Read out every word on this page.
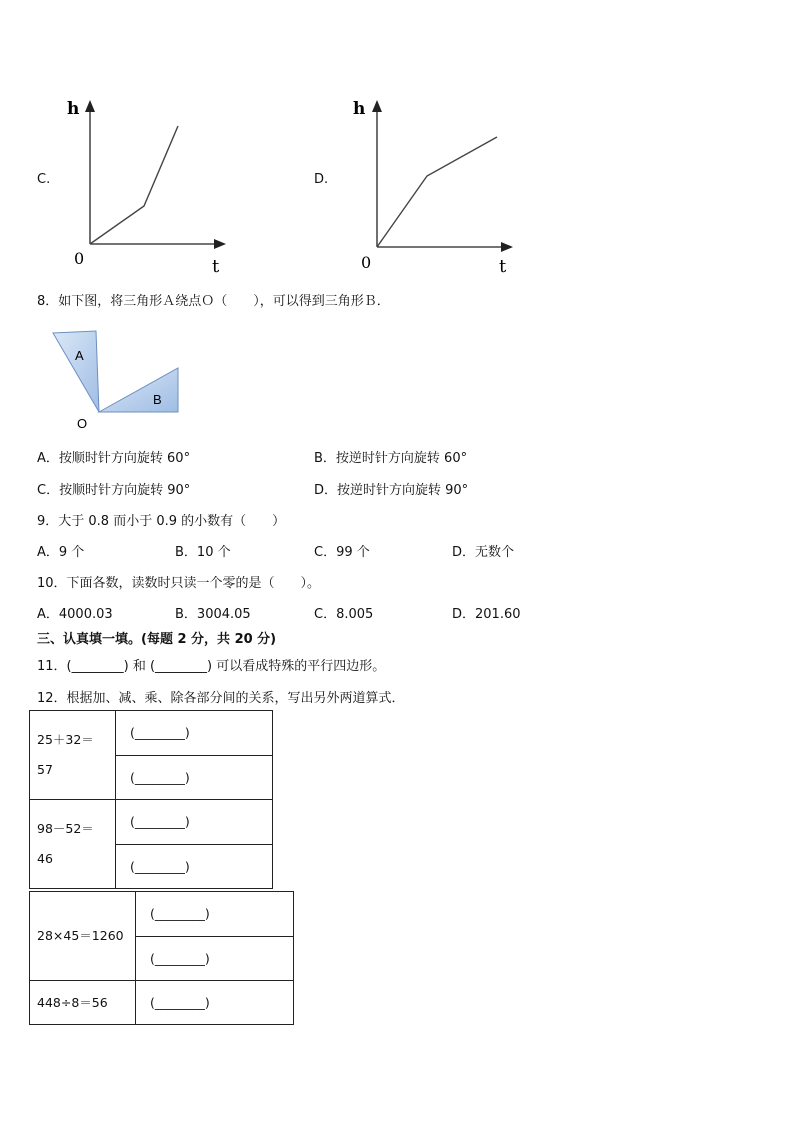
C.
h
0	t
D.
h
0	t
8．如下图，将三角形Ａ绕点Ｏ（　　），可以得到三角形Ｂ．
A
B
O
A．按顺时针方向旋转 60°	B．按逆时针方向旋转 60°
C．按顺时针方向旋转 90°	D．按逆时针方向旋转 90°
9．大于 0.8 而小于 0.9 的小数有（　　）
A．9 个	B．10 个	C．99 个	D．无数个
10．下面各数，读数时只读一个零的是（　　）。
A．4000.03	B．3004.05	C．8.005	D．201.60
三、认真填一填。(每题 2 分，共 20 分)
11．(________) 和 (________) 可以看成特殊的平行四边形。
12．根据加、减、乘、除各部分间的关系，写出另外两道算式．
25＋32＝
57	(________)
	(________)

98－52＝
46	(________)
	(________)
28×45＝1260	(________)
	(________)
448÷8＝56	(________)
